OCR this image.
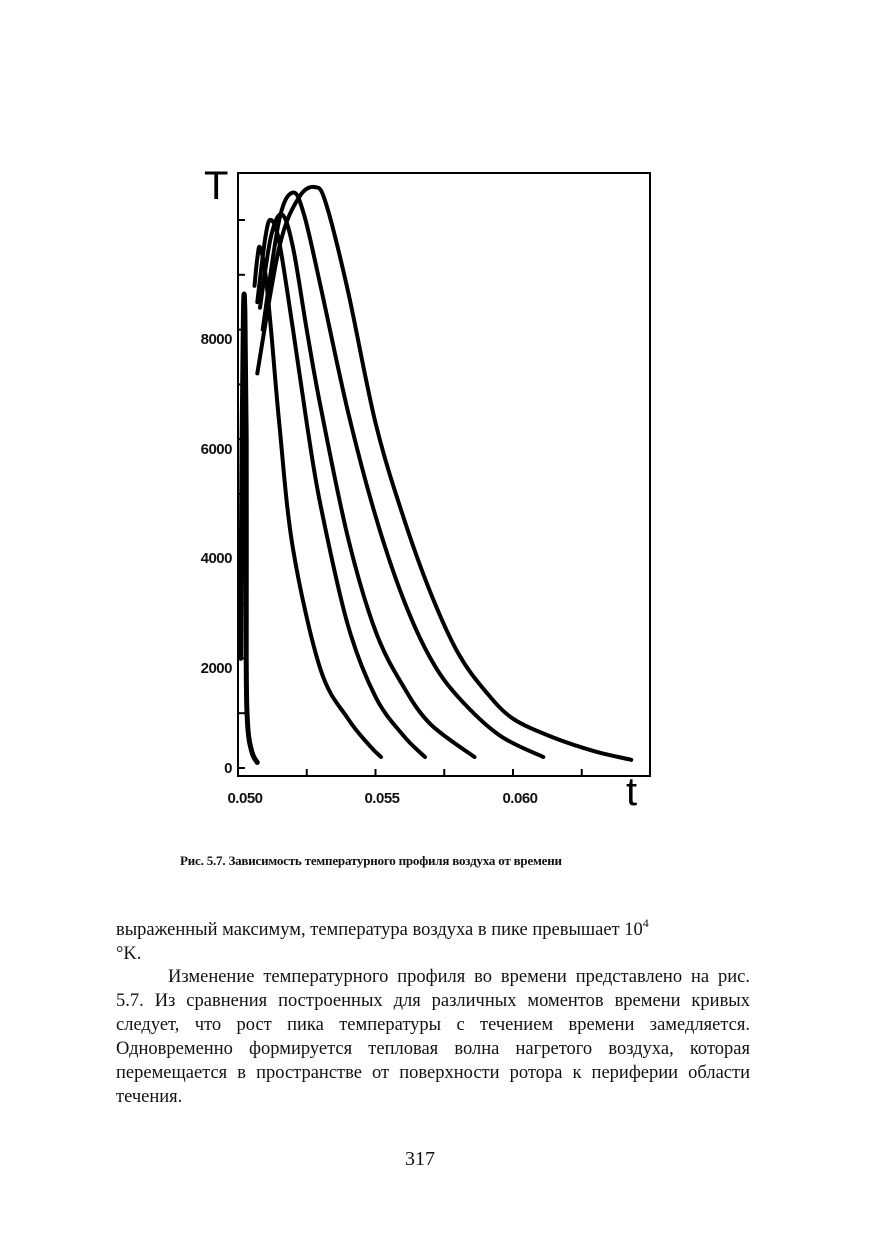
T
t
0
2000
4000
6000
8000
0.050	0.055	0.060
Рис. 5.7. Зависимость температурного профиля воздуха от времени
выраженный максимум, температура воздуха в пике превышает $10^4$
°K.
Изменение температурного профиля во времени представлено на рис. 5.7. Из сравнения построенных для различных моментов времени кривых следует, что рост пика температуры с течением времени замедляется. Одновременно формируется тепловая волна нагретого воздуха, которая перемещается в пространстве от поверхности ротора к периферии области течения.
317
